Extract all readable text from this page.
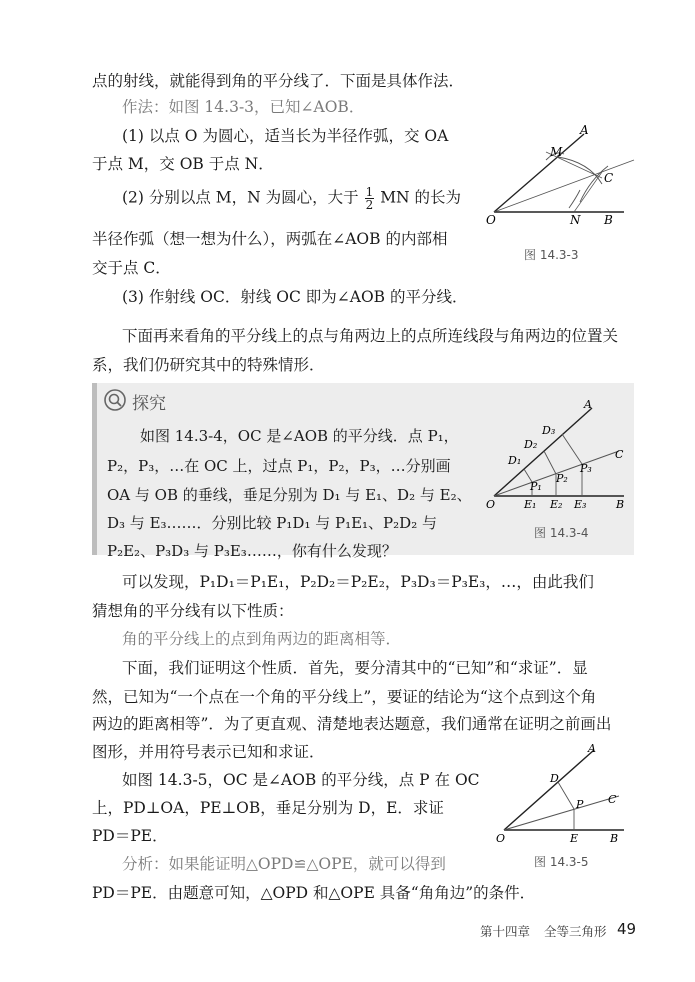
点的射线，就能得到角的平分线了．下面是具体作法．
作法：如图 14.3-3，已知∠AOB．
(1) 以点 O 为圆心，适当长为半径作弧，交 OA
于点 M，交 OB 于点 N．
(2) 分别以点 M，N 为圆心，大于 $\frac{1}{2}$ MN 的长为
半径作弧（想一想为什么），两弧在∠AOB 的内部相
交于点 C．
(3) 作射线 OC．射线 OC 即为∠AOB 的平分线．
下面再来看角的平分线上的点与角两边上的点所连线段与角两边的位置关
系，我们仍研究其中的特殊情形．
A
M
C
O	N B
图 14.3-3
探究
如图 14.3-4，OC 是∠AOB 的平分线．点 P₁，
P₂，P₃，…在 OC 上，过点 P₁，P₂，P₃，…分别画
OA 与 OB 的垂线，垂足分别为 D₁ 与 E₁、D₂ 与 E₂、
D₃ 与 E₃……．分别比较 P₁D₁ 与 P₁E₁、P₂D₂ 与
P₂E₂、P₃D₃ 与 P₃E₃……，你有什么发现？
A
C
O	B
D₁
D₂
D₃
P₁
P₂
P₃
E₁ E₂ E₃
图 14.3-4
可以发现，P₁D₁＝P₁E₁，P₂D₂＝P₂E₂，P₃D₃＝P₃E₃，…，由此我们
猜想角的平分线有以下性质：
角的平分线上的点到角两边的距离相等．
下面，我们证明这个性质．首先，要分清其中的“已知”和“求证”．显
然，已知为“一个点在一个角的平分线上”，要证的结论为“这个点到这个角
两边的距离相等”．为了更直观、清楚地表达题意，我们通常在证明之前画出
图形，并用符号表示已知和求证．
如图 14.3-5，OC 是∠AOB 的平分线，点 P 在 OC
上，PD⊥OA，PE⊥OB，垂足分别为 D，E．求证
PD＝PE．
分析：如果能证明△OPD≌△OPE，就可以得到
PD＝PE．由题意可知，△OPD 和△OPE 具备“角角边”的条件．
A
D
P C
O	E	B
图 14.3-5
第十四章 全等三角形 49
